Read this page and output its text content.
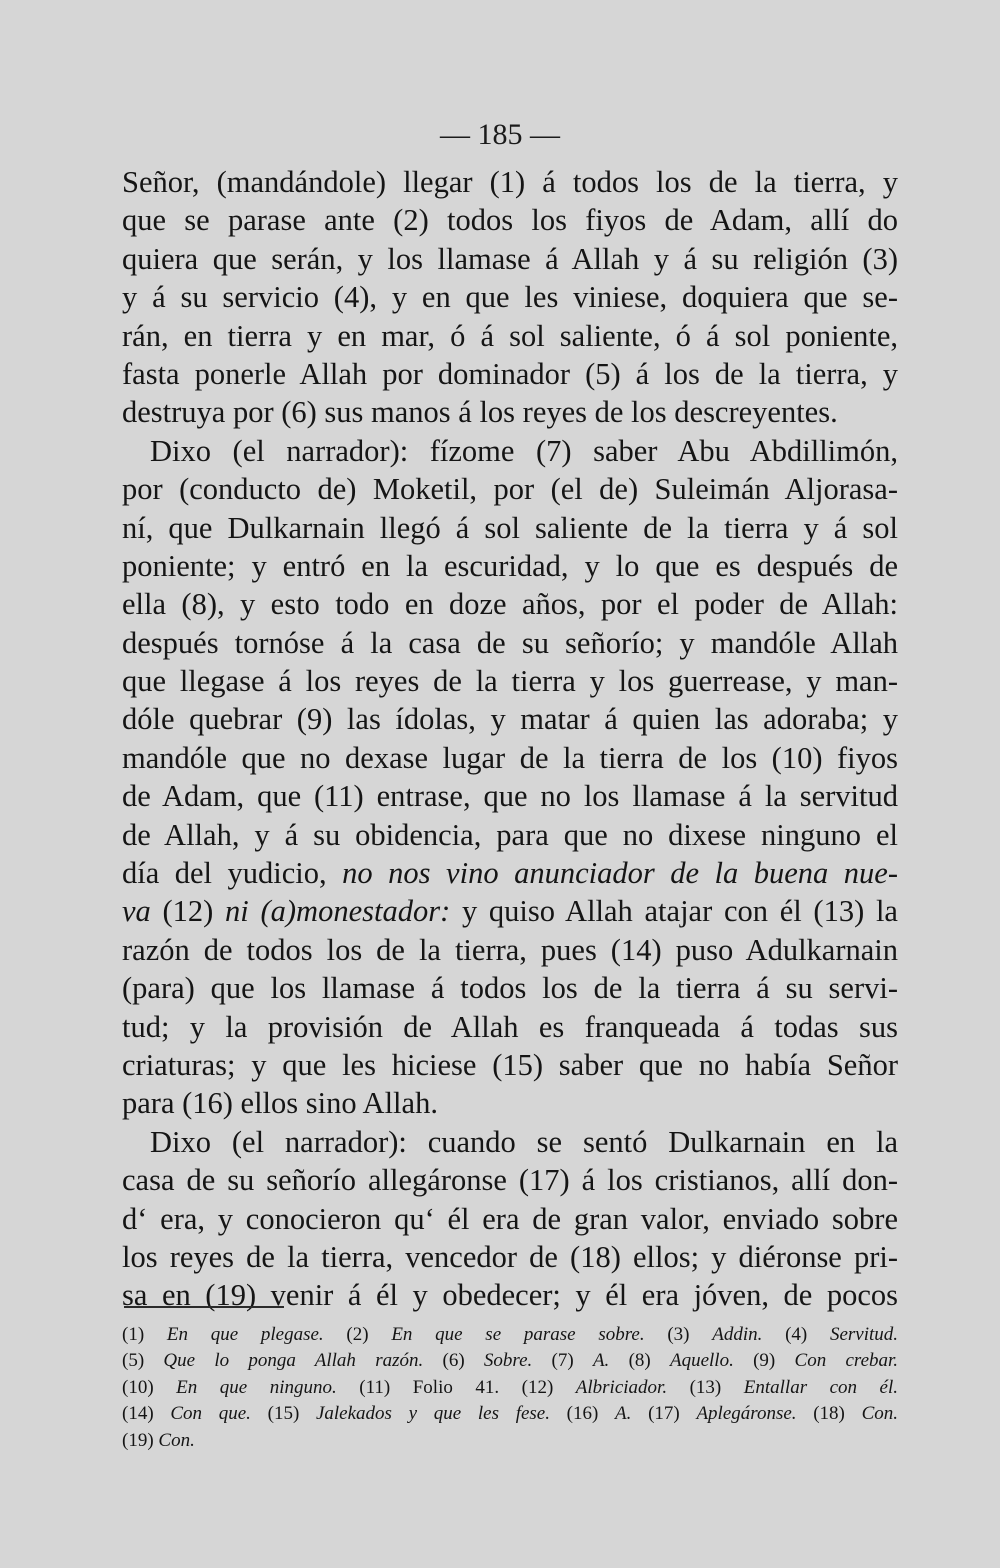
— 185 —
Señor, (mandándole) llegar (1) á todos los de la tierra, y
que se parase ante (2) todos los fiyos de Adam, allí do
quiera que serán, y los llamase á Allah y á su religión (3)
y á su servicio (4), y en que les viniese, doquiera que se-
rán, en tierra y en mar, ó á sol saliente, ó á sol poniente,
fasta ponerle Allah por dominador (5) á los de la tierra, y
destruya por (6) sus manos á los reyes de los descreyentes.
Dixo (el narrador): fízome (7) saber Abu Abdillimón,
por (conducto de) Moketil, por (el de) Suleimán Aljorasa-
ní, que Dulkarnain llegó á sol saliente de la tierra y á sol
poniente; y entró en la escuridad, y lo que es después de
ella (8), y esto todo en doze años, por el poder de Allah:
después tornóse á la casa de su señorío; y mandóle Allah
que llegase á los reyes de la tierra y los guerrease, y man-
dóle quebrar (9) las ídolas, y matar á quien las adoraba; y
mandóle que no dexase lugar de la tierra de los (10) fiyos
de Adam, que (11) entrase, que no los llamase á la servitud
de Allah, y á su obidencia, para que no dixese ninguno el
día del yudicio, no nos vino anunciador de la buena nue-
va (12) ni (a)monestador: y quiso Allah atajar con él (13) la
razón de todos los de la tierra, pues (14) puso Adulkarnain
(para) que los llamase á todos los de la tierra á su servi-
tud; y la provisión de Allah es franqueada á todas sus
criaturas; y que les hiciese (15) saber que no había Señor
para (16) ellos sino Allah.
Dixo (el narrador): cuando se sentó Dulkarnain en la
casa de su señorío allegáronse (17) á los cristianos, allí don-
d‘ era, y conocieron qu‘ él era de gran valor, enviado sobre
los reyes de la tierra, vencedor de (18) ellos; y diéronse pri-
sa en (19) venir á él y obedecer; y él era jóven, de pocos
(1) En que plegase. (2) En que se parase sobre. (3) Addin. (4) Servitud.
(5) Que lo ponga Allah razón. (6) Sobre. (7) A. (8) Aquello. (9) Con crebar.
(10) En que ninguno. (11) Folio 41. (12) Albriciador. (13) Entallar con él.
(14) Con que. (15) Jalekados y que les fese. (16) A. (17) Aplegáronse. (18) Con.
(19) Con.
